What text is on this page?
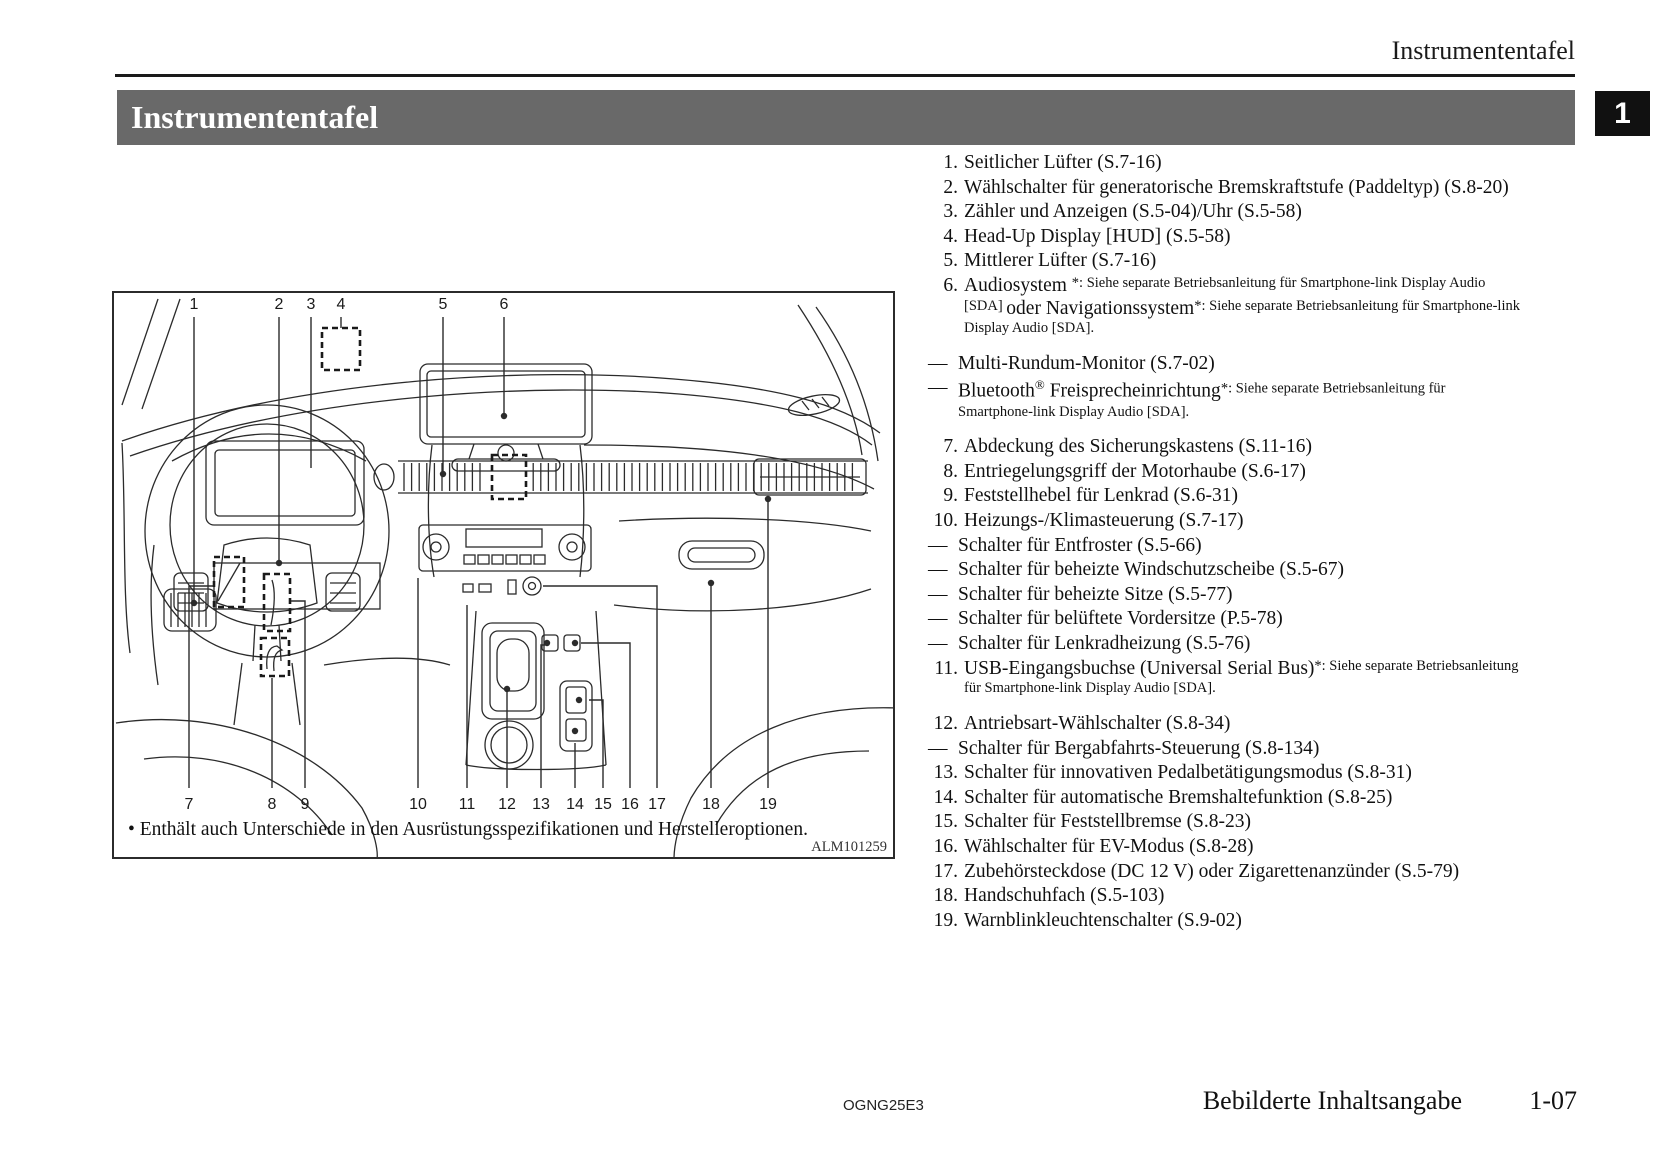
Instrumententafel
Instrumententafel	1
1	2 3 4	5	6
7	8 9	10 11 12 13 14 15 16 17 18 19
• Enthält auch Unterschiede in den Ausrüstungsspezifikationen und Herstelleroptionen.
ALM101259
1. Seitlicher Lüfter (S.7-16)
2. Wählschalter für generatorische Bremskraftstufe (Paddeltyp) (S.8-20)
3. Zähler und Anzeigen (S.5-04)/Uhr (S.5-58)
4. Head-Up Display [HUD] (S.5-58)
5. Mittlerer Lüfter (S.7-16)
6. Audiosystem $^{*: Siehe separate Betriebsanleitung für Smartphone-link Display Audio [SDA]}$ oder Navigationssystem$^{*: Siehe separate Betriebsanleitung für Smartphone-link Display Audio [SDA].}$
— Multi-Rundum-Monitor (S.7-02)
— Bluetooth® Freisprecheinrichtung$^{*: Siehe separate Betriebsanleitung für Smartphone-link Display Audio [SDA].}$
7. Abdeckung des Sicherungskastens (S.11-16)
8. Entriegelungsgriff der Motorhaube (S.6-17)
9. Feststellhebel für Lenkrad (S.6-31)
10. Heizungs-/Klimasteuerung (S.7-17)
— Schalter für Entfroster (S.5-66)
— Schalter für beheizte Windschutzscheibe (S.5-67)
— Schalter für beheizte Sitze (S.5-77)
— Schalter für belüftete Vordersitze (P.5-78)
— Schalter für Lenkradheizung (S.5-76)
11. USB-Eingangsbuchse (Universal Serial Bus)$^{*: Siehe separate Betriebsanleitung für Smartphone-link Display Audio [SDA].}$
12. Antriebsart-Wählschalter (S.8-34)
— Schalter für Bergabfahrts-Steuerung (S.8-134)
13. Schalter für innovativen Pedalbetätigungsmodus (S.8-31)
14. Schalter für automatische Bremshaltefunktion (S.8-25)
15. Schalter für Feststellbremse (S.8-23)
16. Wählschalter für EV-Modus (S.8-28)
17. Zubehörsteckdose (DC 12 V) oder Zigarettenanzünder (S.5-79)
18. Handschuhfach (S.5-103)
19. Warnblinkleuchtenschalter (S.9-02)
OGNG25E3	Bebilderte Inhaltsangabe	1-07
